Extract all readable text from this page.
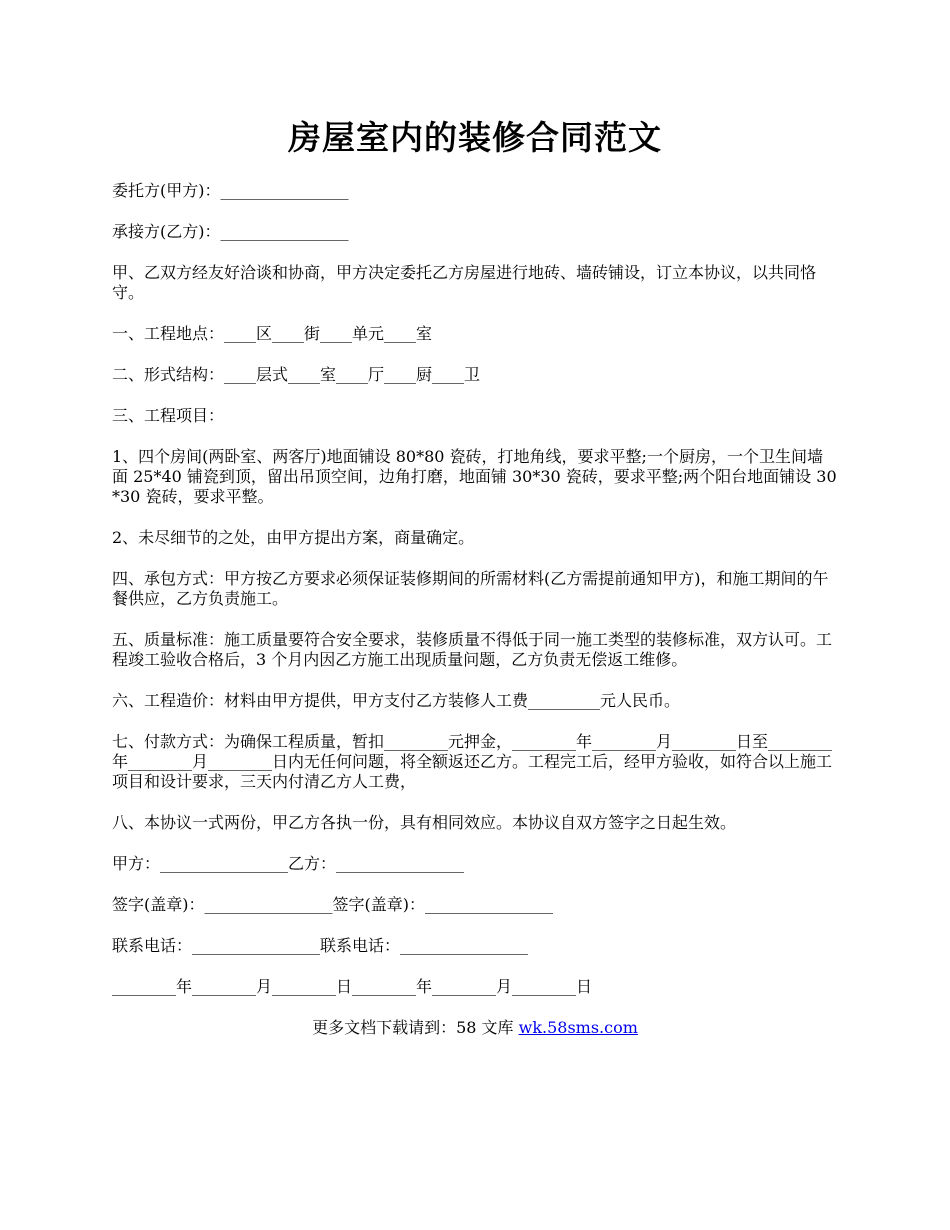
房屋室内的装修合同范文

委托方(甲方)：________________

承接方(乙方)：________________

甲、乙双方经友好洽谈和协商，甲方决定委托乙方房屋进行地砖、墙砖铺设，订立本协议，以共同恪守。

一、工程地点：____区____街____单元____室

二、形式结构：____层式____室____厅____厨____卫

三、工程项目：

1、四个房间(两卧室、两客厅)地面铺设 80*80 瓷砖，打地角线，要求平整;一个厨房，一个卫生间墙面 25*40 铺瓷到顶，留出吊顶空间，边角打磨，地面铺 30*30 瓷砖，要求平整;两个阳台地面铺设 30*30 瓷砖，要求平整。

2、未尽细节的之处，由甲方提出方案，商量确定。

四、承包方式：甲方按乙方要求必须保证装修期间的所需材料(乙方需提前通知甲方)，和施工期间的午餐供应，乙方负责施工。

五、质量标准：施工质量要符合安全要求，装修质量不得低于同一施工类型的装修标准，双方认可。工程竣工验收合格后，3 个月内因乙方施工出现质量问题，乙方负责无偿返工维修。

六、工程造价：材料由甲方提供，甲方支付乙方装修人工费_________元人民币。

七、付款方式：为确保工程质量，暂扣________元押金，________年________月________日至________年________月________日内无任何问题，将全额返还乙方。工程完工后，经甲方验收，如符合以上施工项目和设计要求，三天内付清乙方人工费，

八、本协议一式两份，甲乙方各执一份，具有相同效应。本协议自双方签字之日起生效。

甲方：________________乙方：________________

签字(盖章)：________________签字(盖章)：________________

联系电话：________________联系电话：________________

________年________月________日________年________月________日

更多文档下载请到：58 文库 wk.58sms.com
